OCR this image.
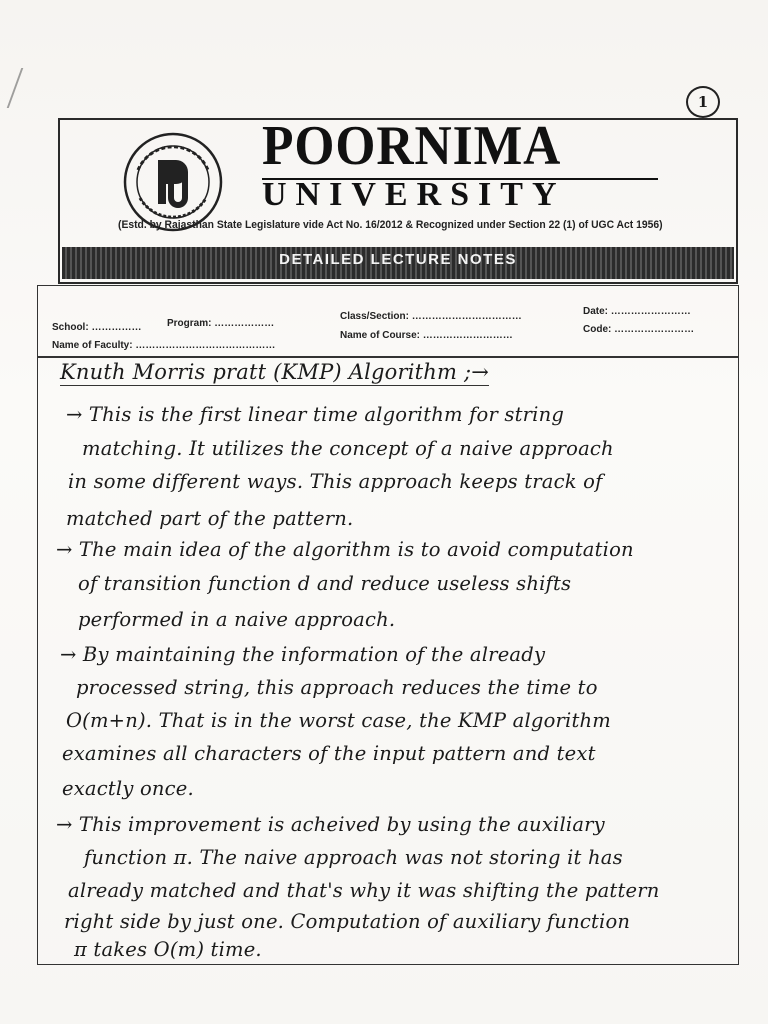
1
POORNIMA
UNIVERSITY
(Estd. by Rajasthan State Legislature vide Act No. 16/2012 & Recognized under Section 22 (1) of UGC Act 1956)
DETAILED LECTURE NOTES
School: ……………	Program: ………………
Name of Faculty: ……………………………………
Class/Section: ……………………………
Name of Course: ………………………
Date: ……………………
Code: ……………………
Knuth Morris pratt (KMP) Algorithm ;→
→ This is the first linear time algorithm for string
matching. It utilizes the concept of a naive approach
in some different ways. This approach keeps track of
matched part of the pattern.
→ The main idea of the algorithm is to avoid computation
of transition function d and reduce useless shifts
performed in a naive approach.
→ By maintaining the information of the already
processed string, this approach reduces the time to
O(m+n). That is in the worst case, the KMP algorithm
examines all characters of the input pattern and text
exactly once.
→ This improvement is acheived by using the auxiliary
function π. The naive approach was not storing it has
already matched and that's why it was shifting the pattern
right side by just one. Computation of auxiliary function
π takes O(m) time.
